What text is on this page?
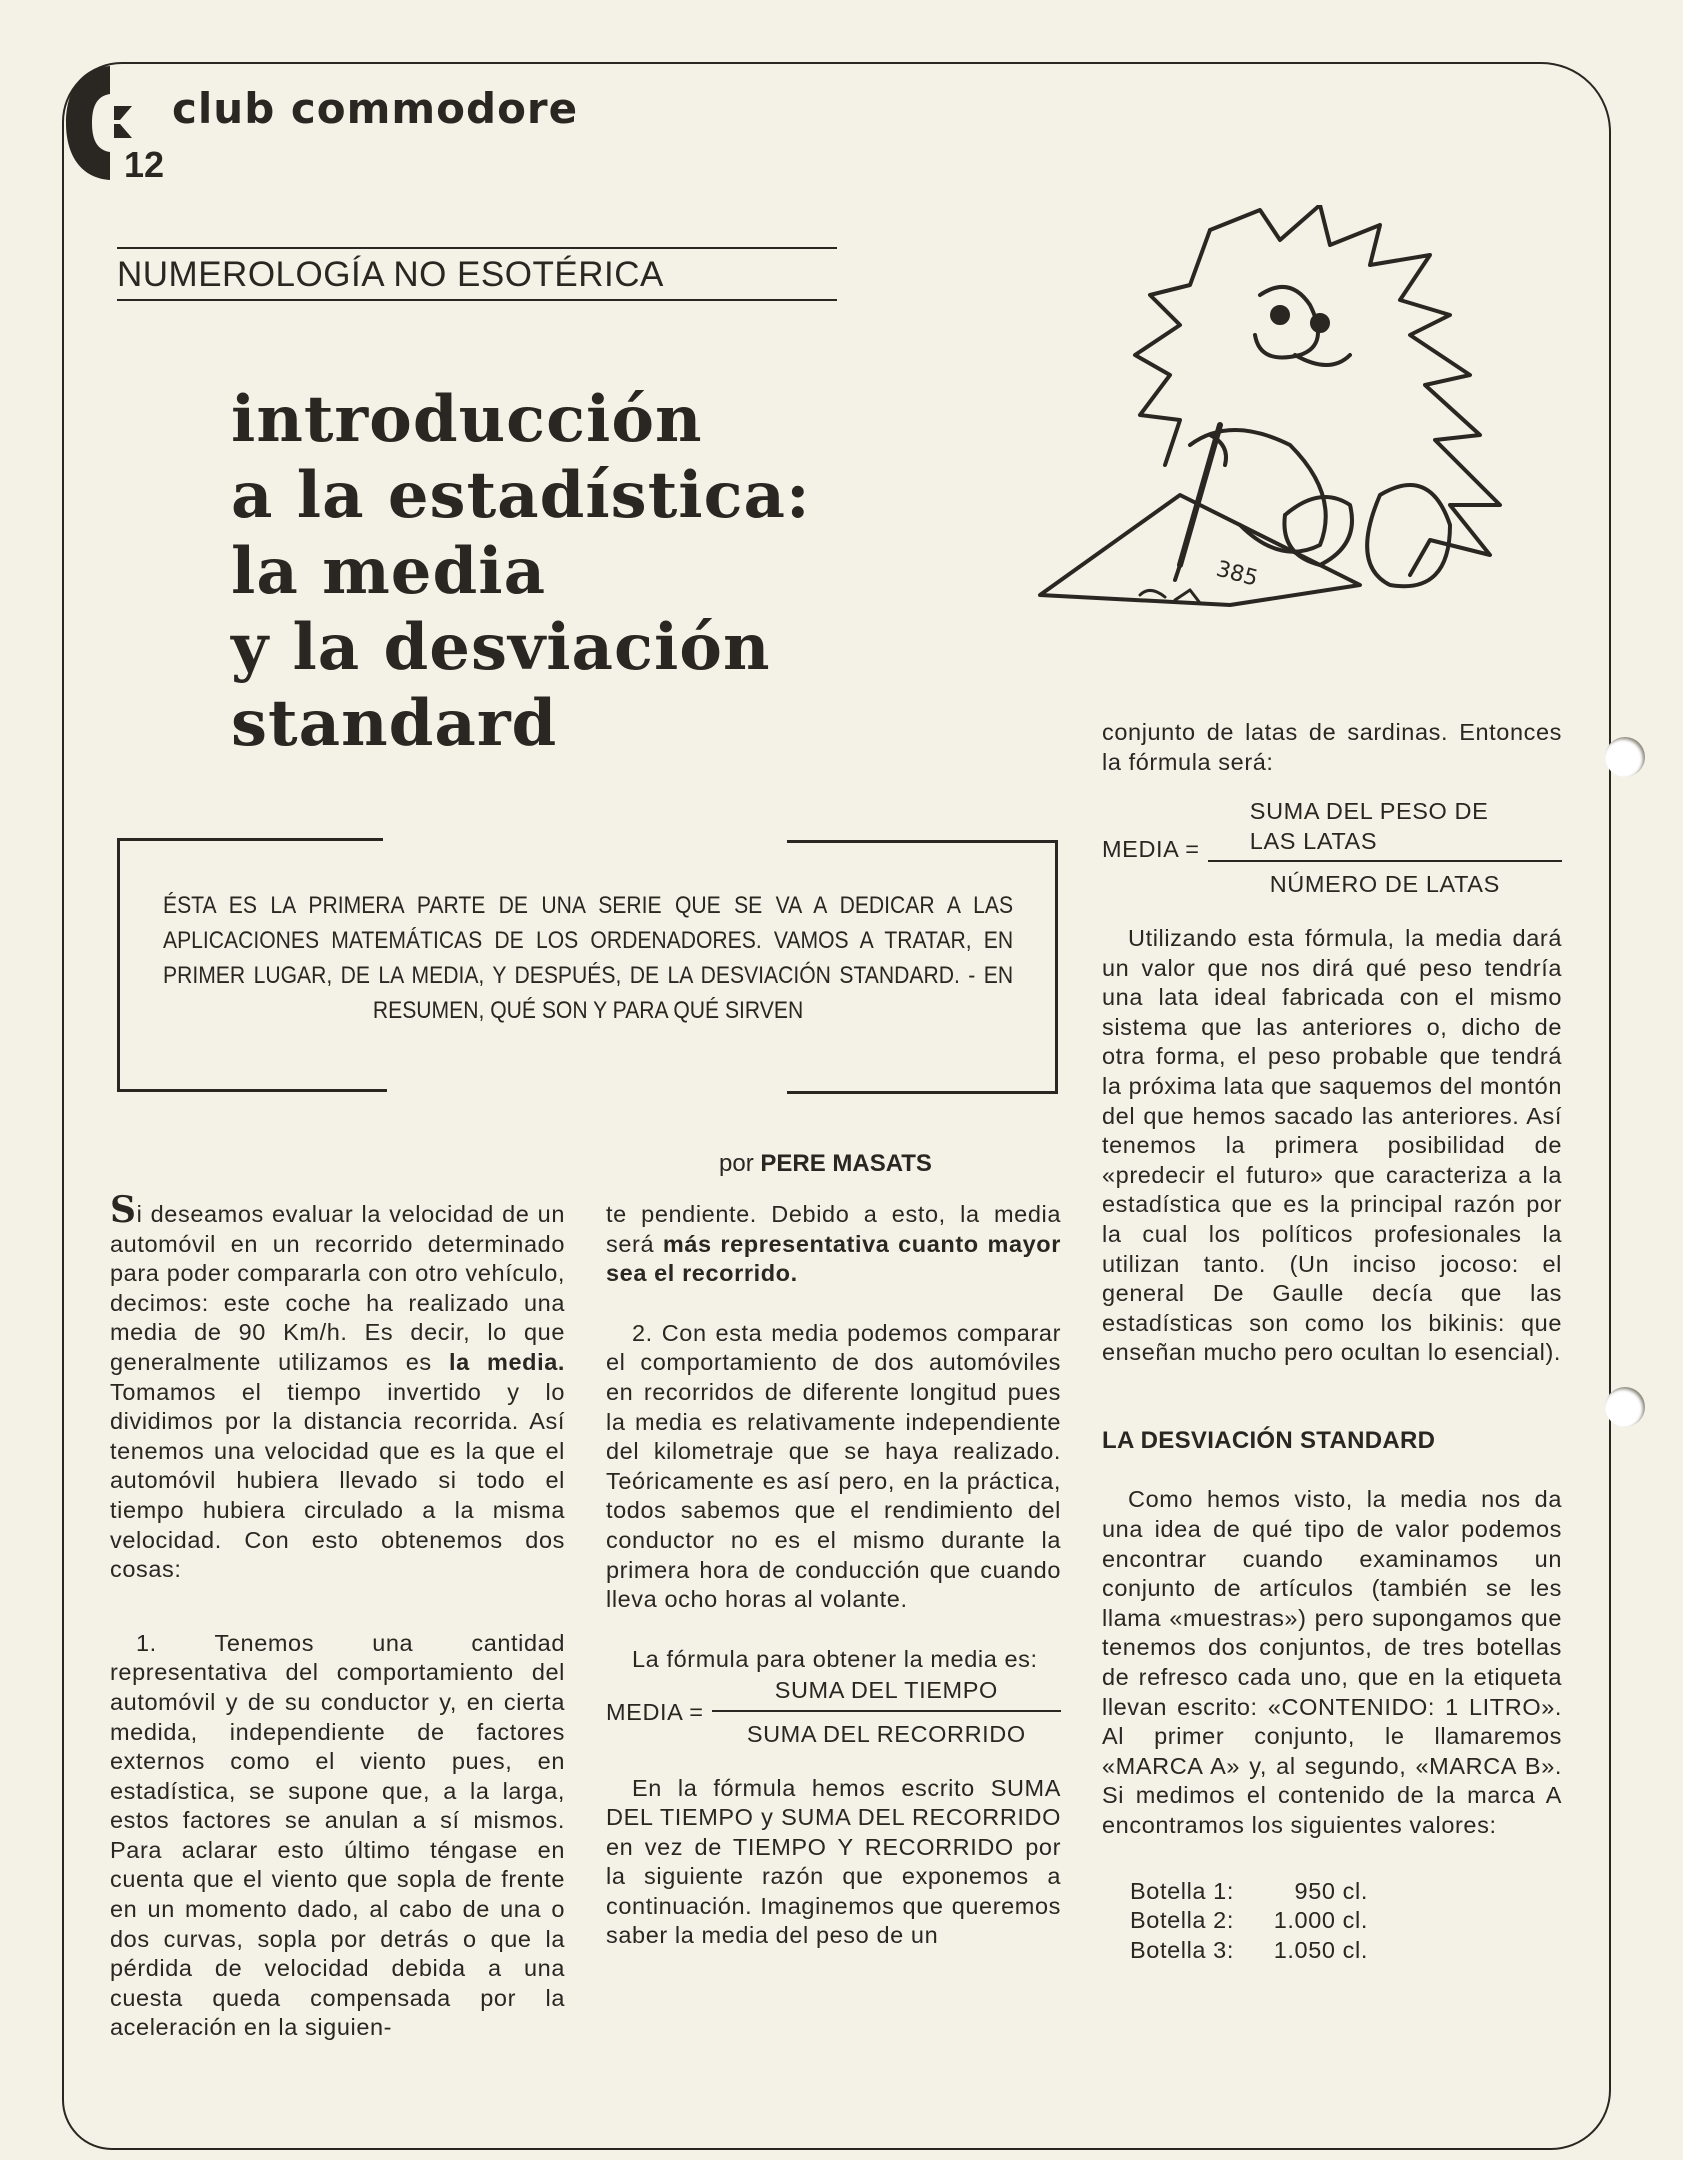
club commodore
12
NUMEROLOGÍA NO ESOTÉRICA
introducción
a la estadística:
la media
y la desviación
standard
385
ÉSTA ES LA PRIMERA PARTE DE UNA SERIE QUE SE VA A DEDICAR A LAS APLICACIONES MATEMÁTICAS DE LOS ORDENADORES. VAMOS A TRATAR, EN PRIMER LUGAR, DE LA MEDIA, Y DESPUÉS, DE LA DESVIACIÓN STANDARD. - EN RESUMEN, QUÉ SON Y PARA QUÉ SIRVEN
por PERE MASATS

Si deseamos evaluar la velocidad de un automóvil en un recorrido determinado para poder compararla con otro vehículo, decimos: este coche ha realizado una media de 90 Km/h. Es decir, lo que generalmente utilizamos es la media. Tomamos el tiempo invertido y lo dividimos por la distancia recorrida. Así tenemos una velocidad que es la que el automóvil hubiera llevado si todo el tiempo hubiera circulado a la misma velocidad. Con esto obtenemos dos cosas:

1. Tenemos una cantidad representativa del comportamiento del automóvil y de su conductor y, en cierta medida, independiente de factores externos como el viento pues, en estadística, se supone que, a la larga, estos factores se anulan a sí mismos. Para aclarar esto último téngase en cuenta que el viento que sopla de frente en un momento dado, al cabo de una o dos curvas, sopla por detrás o que la pérdida de velocidad debida a una cuesta queda compensada por la aceleración en la siguien-

te pendiente. Debido a esto, la media será más representativa cuanto mayor sea el recorrido.

2. Con esta media podemos comparar el comportamiento de dos automóviles en recorridos de diferente longitud pues la media es relativamente independiente del kilometraje que se haya realizado. Teóricamente es así pero, en la práctica, todos sabemos que el rendimiento del conductor no es el mismo durante la primera hora de conducción que cuando lleva ocho horas al volante.

La fórmula para obtener la media es:

MEDIA = $\frac{\text{SUMA DEL TIEMPO}}{\text{SUMA DEL RECORRIDO}}$

En la fórmula hemos escrito SUMA DEL TIEMPO y SUMA DEL RECORRIDO en vez de TIEMPO Y RECORRIDO por la siguiente razón que exponemos a continuación. Imaginemos que queremos saber la media del peso de un

conjunto de latas de sardinas. Entonces la fórmula será:

MEDIA = $\frac{\text{SUMA DEL PESO DE LAS LATAS}}{\text{NÚMERO DE LATAS}}$

Utilizando esta fórmula, la media dará un valor que nos dirá qué peso tendría una lata ideal fabricada con el mismo sistema que las anteriores o, dicho de otra forma, el peso probable que tendrá la próxima lata que saquemos del montón del que hemos sacado las anteriores. Así tenemos la primera posibilidad de «predecir el futuro» que caracteriza a la estadística que es la principal razón por la cual los políticos profesionales la utilizan tanto. (Un inciso jocoso: el general De Gaulle decía que las estadísticas son como los bikinis: que enseñan mucho pero ocultan lo esencial).

LA DESVIACIÓN STANDARD

Como hemos visto, la media nos da una idea de qué tipo de valor podemos encontrar cuando examinamos un conjunto de artículos (también se les llama «muestras») pero supongamos que tenemos dos conjuntos, de tres botellas de refresco cada uno, que en la etiqueta llevan escrito: «CONTENIDO: 1 LITRO». Al primer conjunto, le llamaremos «MARCA A» y, al segundo, «MARCA B». Si medimos el contenido de la marca A encontramos los siguientes valores:

Botella 1:	950 cl.
Botella 2: 1.000 cl.
Botella 3: 1.050 cl.
